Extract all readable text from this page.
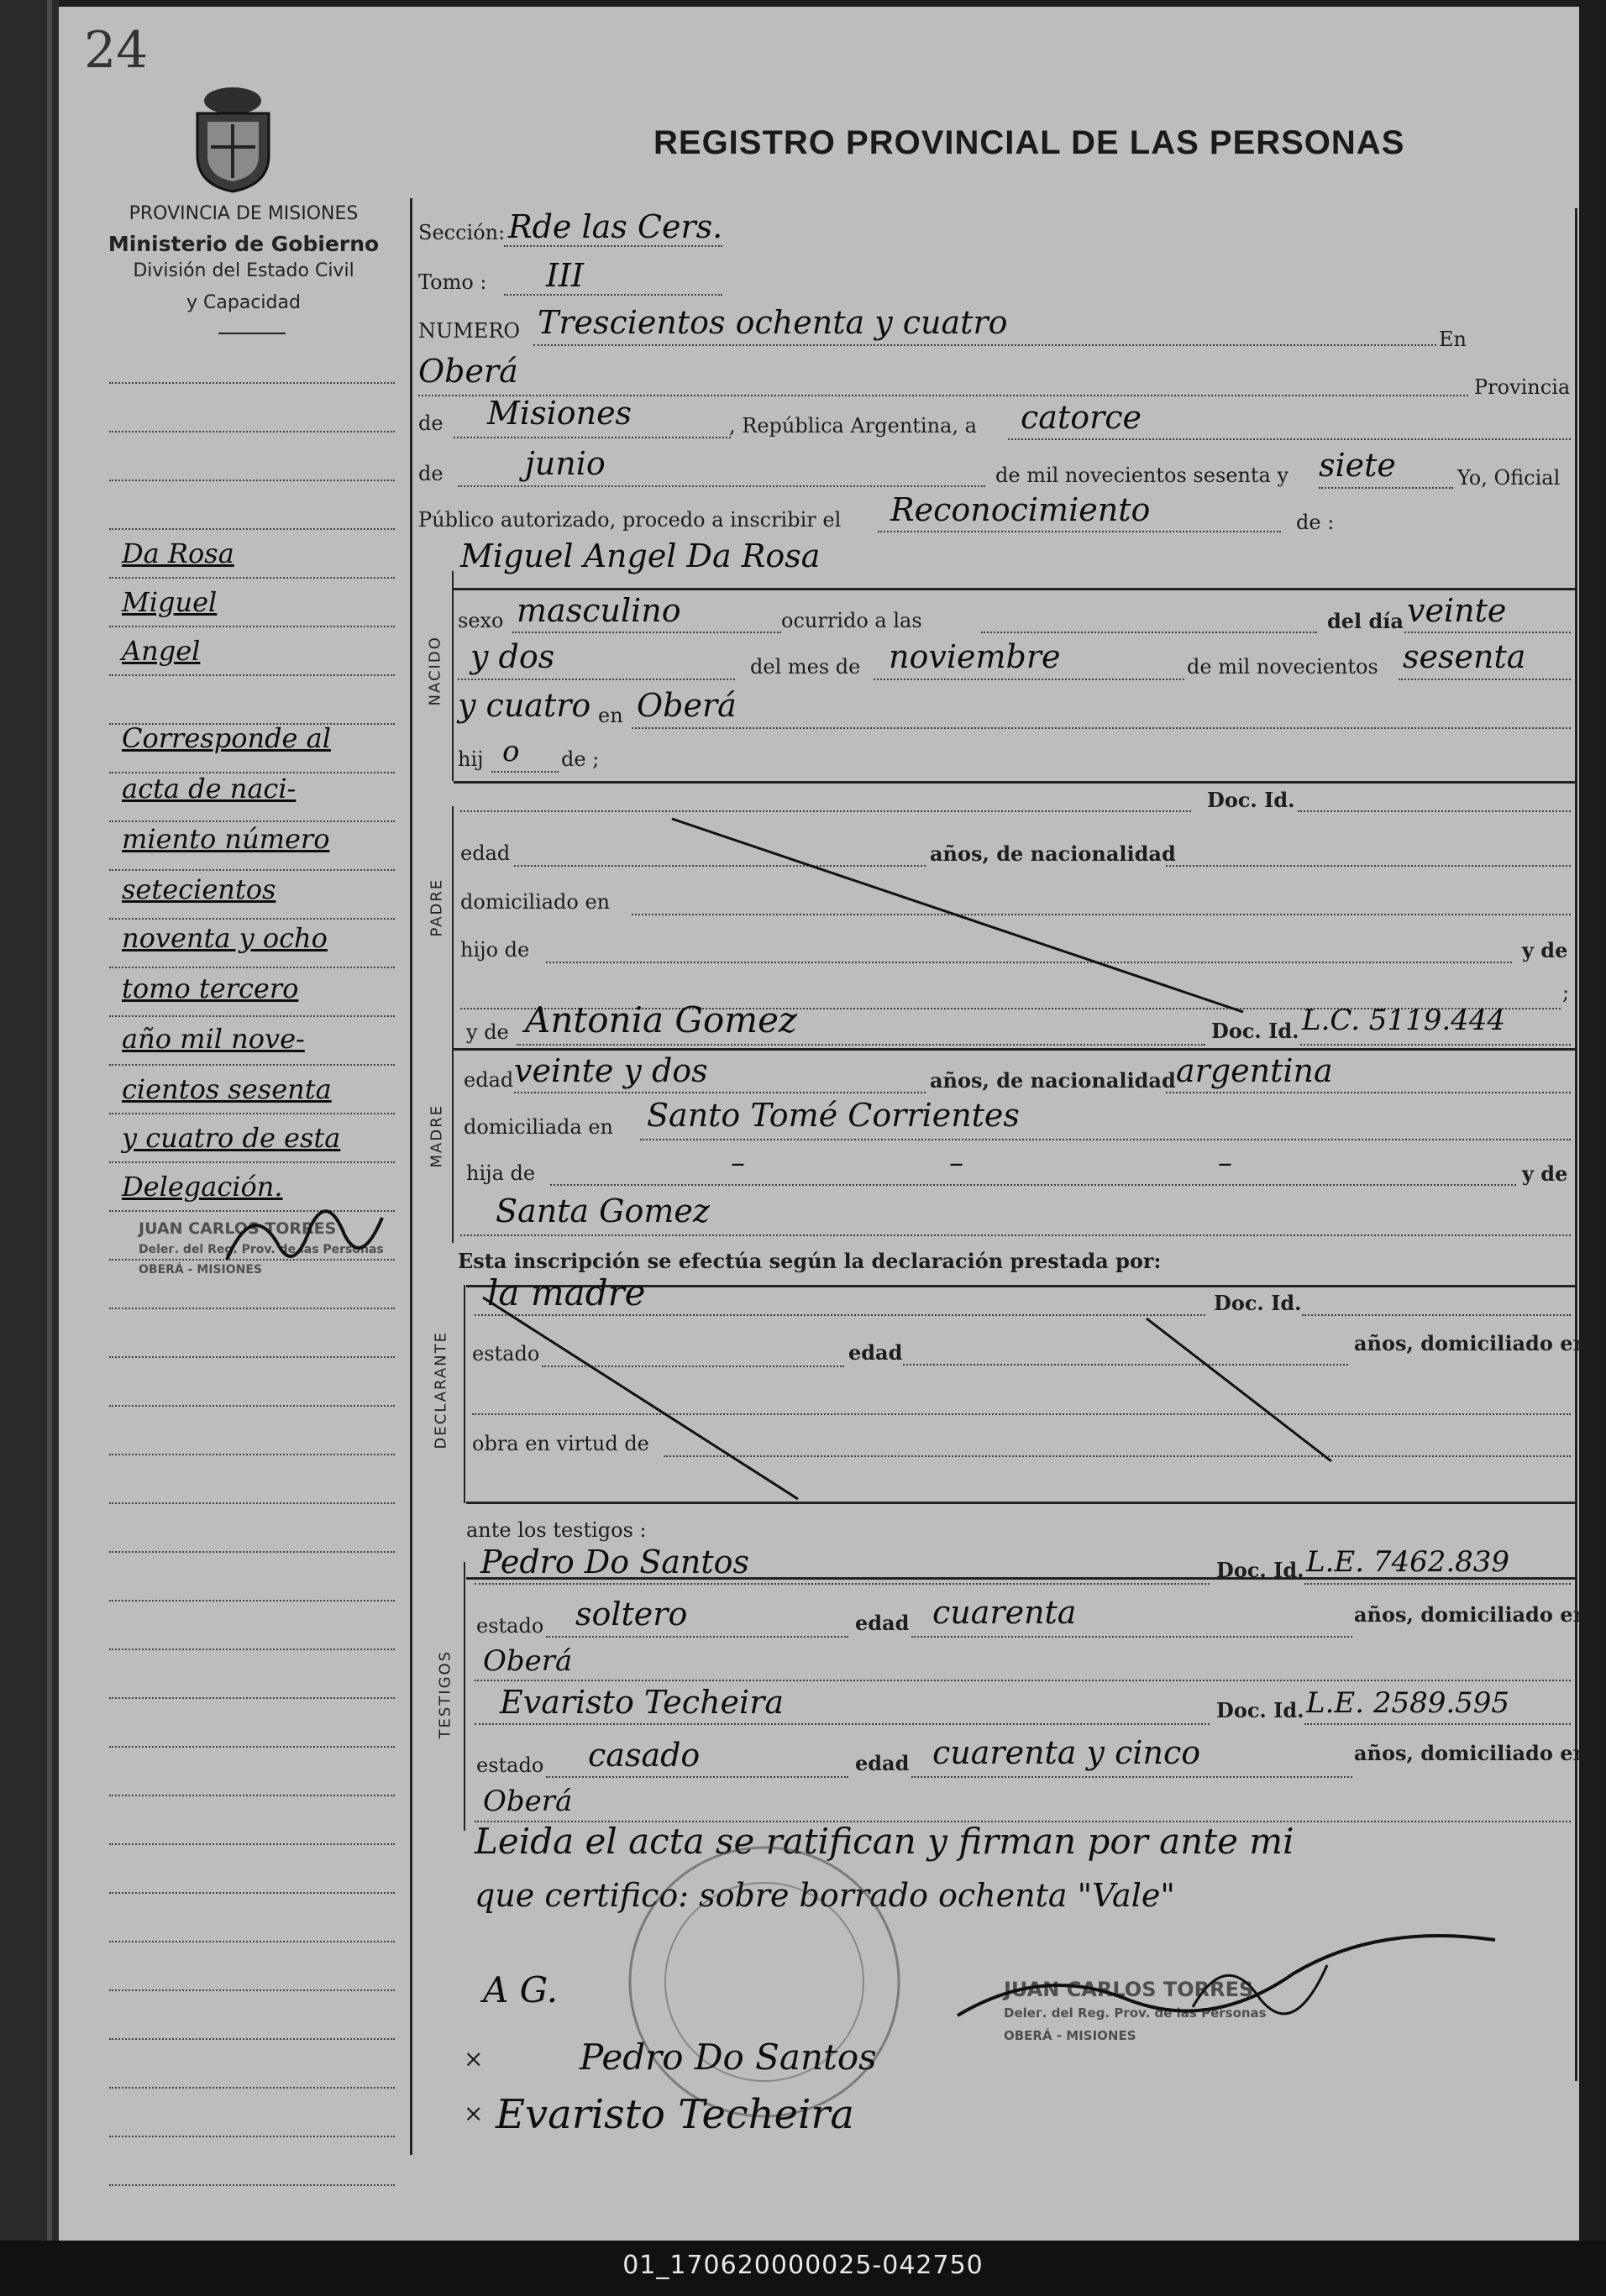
24
PROVINCIA DE MISIONES
Ministerio de Gobierno
División del Estado Civil
y Capacidad
REGISTRO PROVINCIAL DE LAS PERSONAS
Da Rosa
Miguel
Angel
Corresponde al
acta de naci-
miento número
setecientos
noventa y ocho
tomo tercero
año mil nove-
cientos sesenta
y cuatro de esta
Delegación.
JUAN CARLOS TORRES
Delег. del Reg. Prov. de las Personas
OBERÁ - MISIONES
NACIDO
PADRE
MADRE
DECLARANTE
TESTIGOS
Sección: Rde las Cers.
Tomo : III
NUMERO Trescientos ochenta y cuatro	En
Oberá	Provincia
de Misiones	, República Argentina, a catorce
de	junio	de mil novecientos sesenta y siete	Yo, Oficial
Público autorizado, procedo a inscribir el Reconocimiento	de :
Miguel Angel Da Rosa
sexo masculino	ocurrido a las	del día veinte
y dos	del mes de noviembre	de mil novecientos sesenta
y cuatro en Oberá
hij o de ;
Doc. Id.
edad	años, de nacionalidad
domiciliado en
hijo de	y de
;
y de Antonia Gomez	Doc. Id. L.C. 5119.444
edad veinte y dos	años, de nacionalidad argentina
domiciliada en Santo Tomé Corrientes
hija de	–	–	–	y de
Santa Gomez
Esta inscripción se efectúa según la declaración prestada por:
la madre	Doc. Id.
estado	edad	años, domiciliado en
obra en virtud de
ante los testigos :
Pedro Do Santos	Doc. Id. L.E. 7462.839
estado soltero	edad cuarenta	años, domiciliado en
Oberá
Evaristo Techeira	Doc. Id. L.E. 2589.595
estado casado	edad cuarenta y cinco	años, domiciliado en
Oberá
Leida el acta se ratifican y firman por ante mi
que certifico: sobre borrado ochenta "Vale"
JUAN CARLOS TORRES
Delег. del Reg. Prov. de las Personas
OBERÁ - MISIONES
A G.
×	Pedro Do Santos
× Evaristo Techeira
01_170620000025-042750
